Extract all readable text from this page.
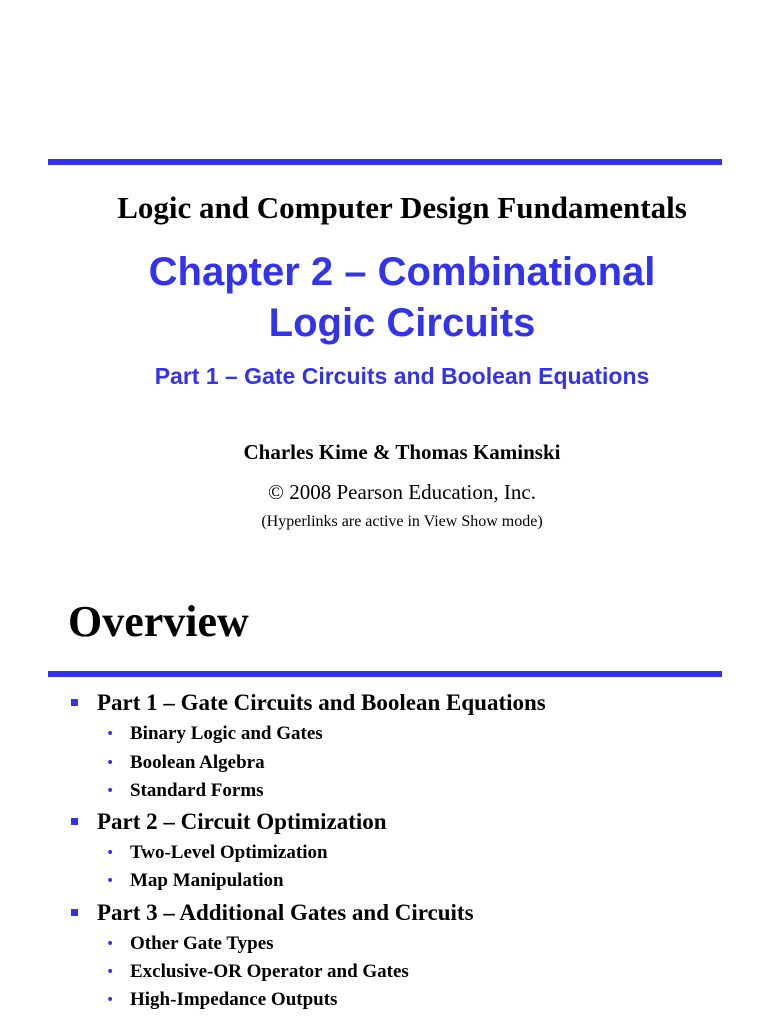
Logic and Computer Design Fundamentals
Chapter 2 – Combinational
Logic Circuits
Part 1 – Gate Circuits and Boolean Equations
Charles Kime & Thomas Kaminski
© 2008 Pearson Education, Inc.
(Hyperlinks are active in View Show mode)
Overview
Part 1 – Gate Circuits and Boolean Equations
• Binary Logic and Gates
• Boolean Algebra
• Standard Forms
Part 2 – Circuit Optimization
• Two-Level Optimization
• Map Manipulation
Part 3 – Additional Gates and Circuits
• Other Gate Types
• Exclusive-OR Operator and Gates
• High-Impedance Outputs
